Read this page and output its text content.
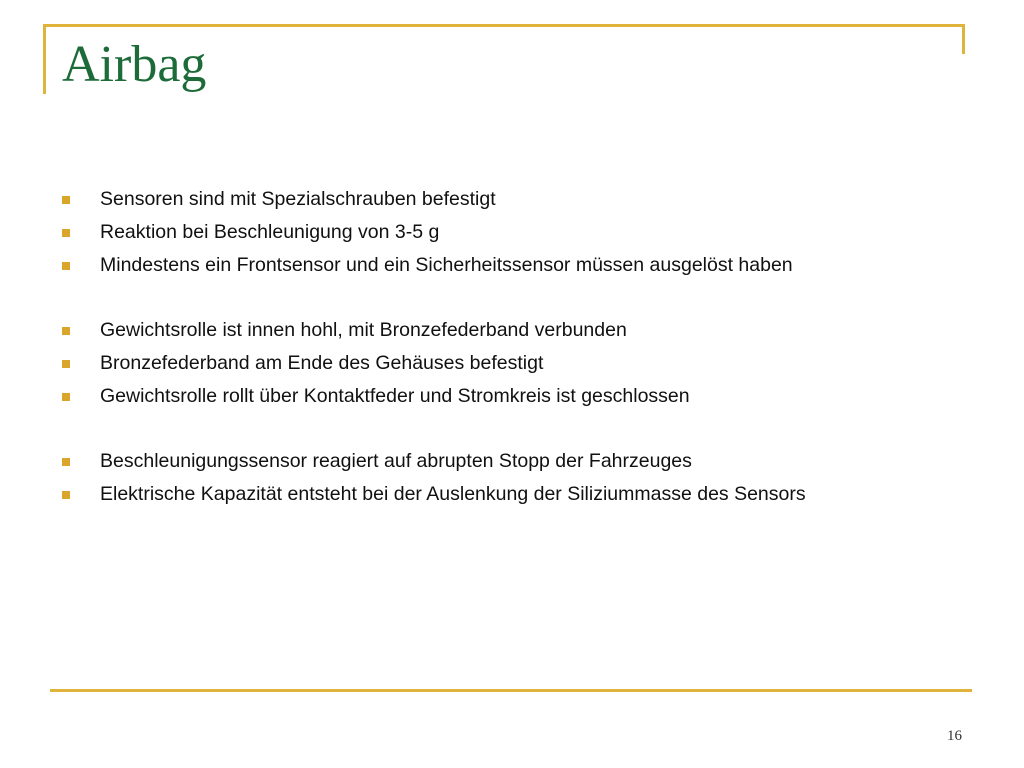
Airbag
Sensoren sind mit Spezialschrauben befestigt
Reaktion bei Beschleunigung von 3-5 g
Mindestens ein Frontsensor und ein Sicherheitssensor müssen ausgelöst haben
Gewichtsrolle ist innen hohl, mit Bronzefederband verbunden
Bronzefederband am Ende des Gehäuses befestigt
Gewichtsrolle rollt über Kontaktfeder und Stromkreis ist geschlossen
Beschleunigungssensor reagiert auf abrupten Stopp der Fahrzeuges
Elektrische Kapazität entsteht bei der Auslenkung der Siliziummasse des Sensors
16
